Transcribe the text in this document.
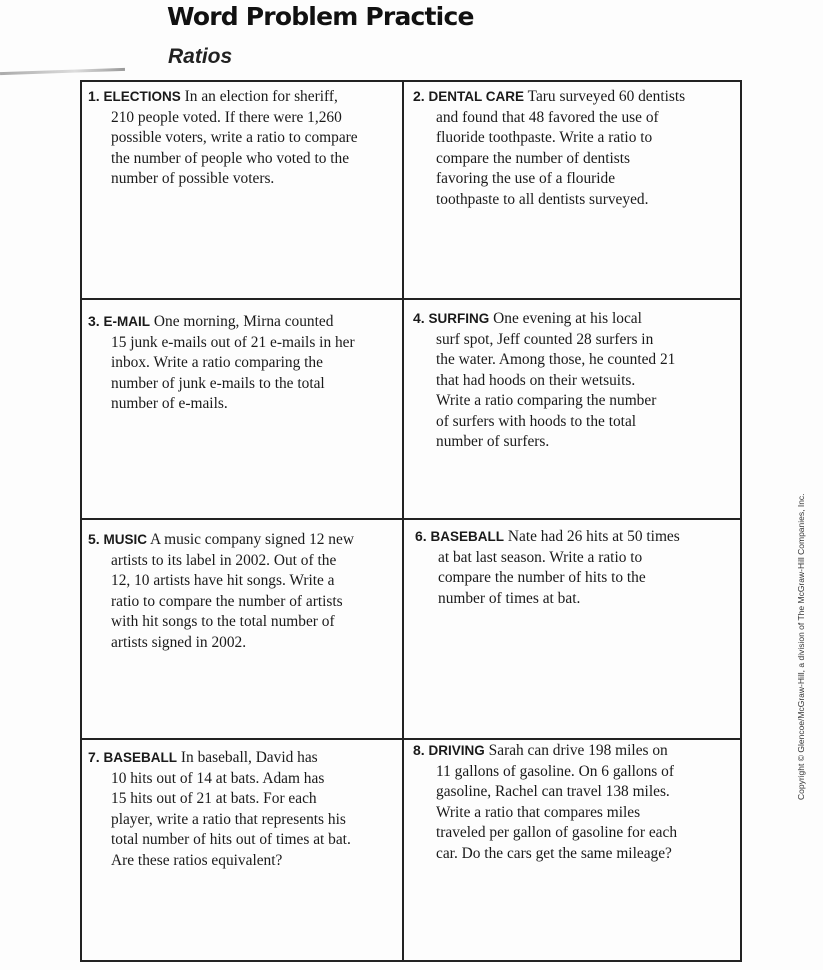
Word Problem Practice
Ratios
1. ELECTIONS In an election for sheriff,
210 people voted. If there were 1,260
possible voters, write a ratio to compare
the number of people who voted to the
number of possible voters.
2. DENTAL CARE Taru surveyed 60 dentists
and found that 48 favored the use of
fluoride toothpaste. Write a ratio to
compare the number of dentists
favoring the use of a flouride
toothpaste to all dentists surveyed.
3. E-MAIL One morning, Mirna counted
15 junk e-mails out of 21 e-mails in her
inbox. Write a ratio comparing the
number of junk e-mails to the total
number of e-mails.
4. SURFING One evening at his local
surf spot, Jeff counted 28 surfers in
the water. Among those, he counted 21
that had hoods on their wetsuits.
Write a ratio comparing the number
of surfers with hoods to the total
number of surfers.
5. MUSIC A music company signed 12 new
artists to its label in 2002. Out of the
12, 10 artists have hit songs. Write a
ratio to compare the number of artists
with hit songs to the total number of
artists signed in 2002.
6. BASEBALL Nate had 26 hits at 50 times
at bat last season. Write a ratio to
compare the number of hits to the
number of times at bat.
7. BASEBALL In baseball, David has
10 hits out of 14 at bats. Adam has
15 hits out of 21 at bats. For each
player, write a ratio that represents his
total number of hits out of times at bat.
Are these ratios equivalent?
8. DRIVING Sarah can drive 198 miles on
11 gallons of gasoline. On 6 gallons of
gasoline, Rachel can travel 138 miles.
Write a ratio that compares miles
traveled per gallon of gasoline for each
car. Do the cars get the same mileage?
Copyright © Glencoe/McGraw-Hill, a division of The McGraw-Hill Companies, Inc.
